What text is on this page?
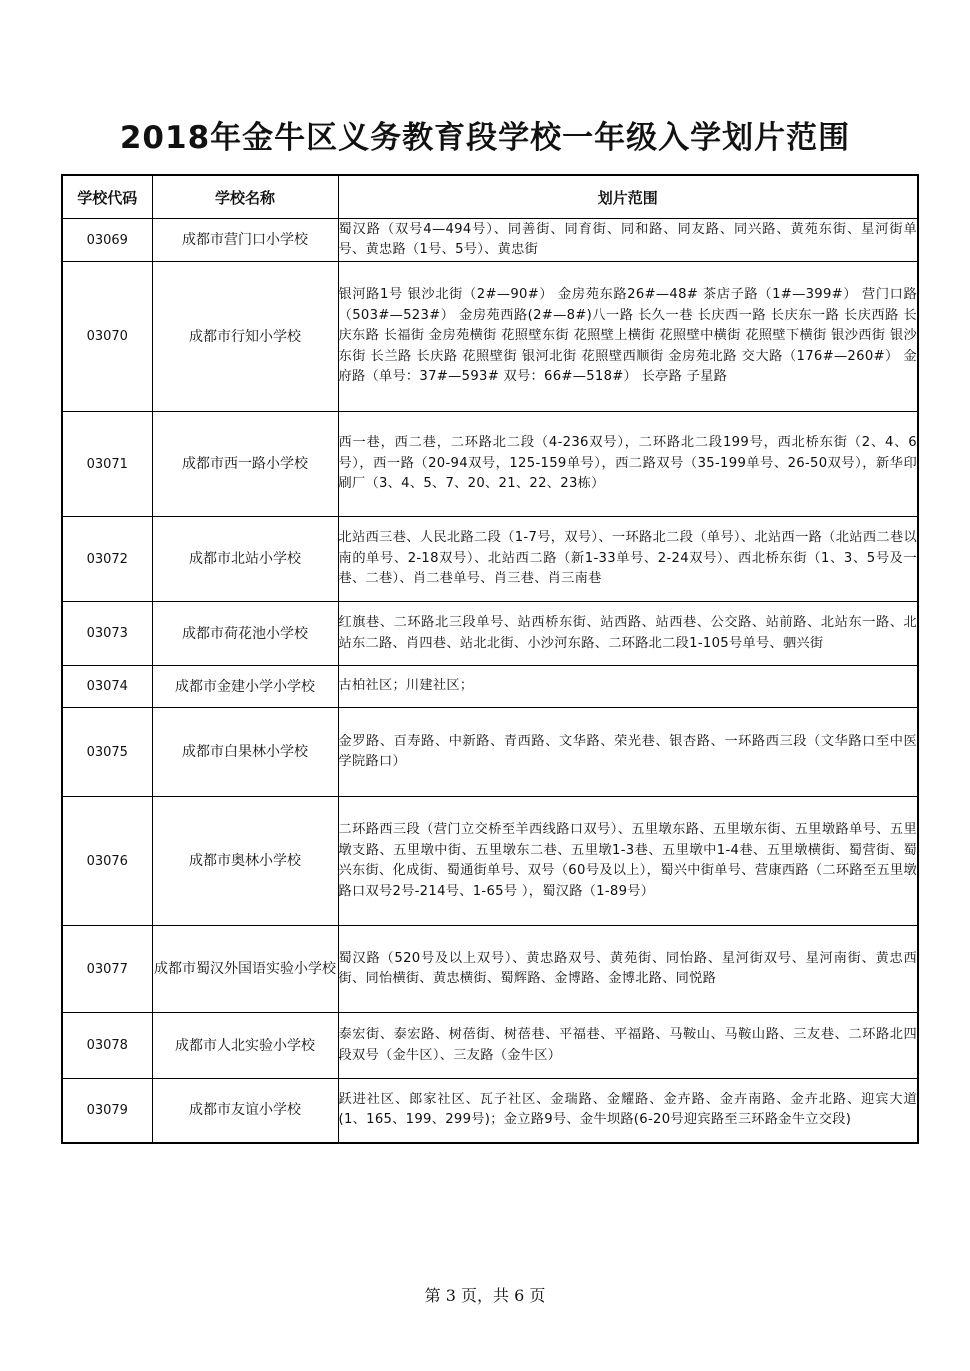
2018年金牛区义务教育段学校一年级入学划片范围
学校代码	学校名称	划片范围
03069	成都市营门口小学校	蜀汉路（双号4—494号）、同善街、同育街、同和路、同友路、同兴路、黄苑东街、星河街单号、黄忠路（1号、5号）、黄忠街
03070	成都市行知小学校	银河路1号 银沙北街（2#—90#） 金房苑东路26#—48# 茶店子路（1#—399#） 营门口路（503#—523#） 金房苑西路(2#—8#)八一路 长久一巷 长庆西一路 长庆东一路 长庆西路 长庆东路 长福街 金房苑横街 花照壁东街 花照壁上横街 花照壁中横街 花照壁下横街 银沙西街 银沙东街 长兰路 长庆路 花照壁街 银河北街 花照壁西顺街 金房苑北路 交大路（176#—260#） 金府路（单号：37#—593# 双号：66#—518#） 长亭路 子星路
03071	成都市西一路小学校	西一巷，西二巷，二环路北二段（4-236双号），二环路北二段199号，西北桥东街（2、4、6号），西一路（20-94双号，125-159单号），西二路双号（35-199单号、26-50双号），新华印刷厂（3、4、5、7、20、21、22、23栋）
03072	成都市北站小学校	北站西三巷、人民北路二段（1-7号，双号）、一环路北二段（单号）、北站西一路（北站西二巷以南的单号、2-18双号）、北站西二路（新1-33单号、2-24双号）、西北桥东街（1、3、5号及一巷、二巷）、肖二巷单号、肖三巷、肖三南巷
03073	成都市荷花池小学校	红旗巷、二环路北三段单号、站西桥东街、站西路、站西巷、公交路、站前路、北站东一路、北站东二路、肖四巷、站北北街、小沙河东路、二环路北二段1-105号单号、驷兴街
03074	成都市金建小学小学校	古柏社区；川建社区；
03075	成都市白果林小学校	金罗路、百寿路、中新路、青西路、文华路、荣光巷、银杏路、一环路西三段（文华路口至中医学院路口）
03076	成都市奥林小学校	二环路西三段（营门立交桥至羊西线路口双号）、五里墩东路、五里墩东街、五里墩路单号、五里墩支路、五里墩中街、五里墩东二巷、五里墩1-3巷、五里墩中1-4巷、五里墩横街、蜀营街、蜀兴东街、化成街、蜀通街单号、双号（60号及以上），蜀兴中街单号、营康西路（二环路至五里墩路口双号2号-214号、1-65号 ），蜀汉路（1-89号）
03077	成都市蜀汉外国语实验小学校	蜀汉路（520号及以上双号）、黄忠路双号、黄苑街、同怡路、星河街双号、星河南街、黄忠西街、同怡横街、黄忠横街、蜀辉路、金博路、金博北路、同悦路
03078	成都市人北实验小学校	泰宏街、泰宏路、树蓓街、树蓓巷、平福巷、平福路、马鞍山、马鞍山路、三友巷、二环路北四段双号（金牛区）、三友路（金牛区）
03079	成都市友谊小学校	跃进社区、郎家社区、瓦子社区、金瑞路、金耀路、金卉路、金卉南路、金卉北路、迎宾大道(1、165、199、299号)；金立路9号、金牛坝路(6-20号迎宾路至三环路金牛立交段)
第 3 页，共 6 页
